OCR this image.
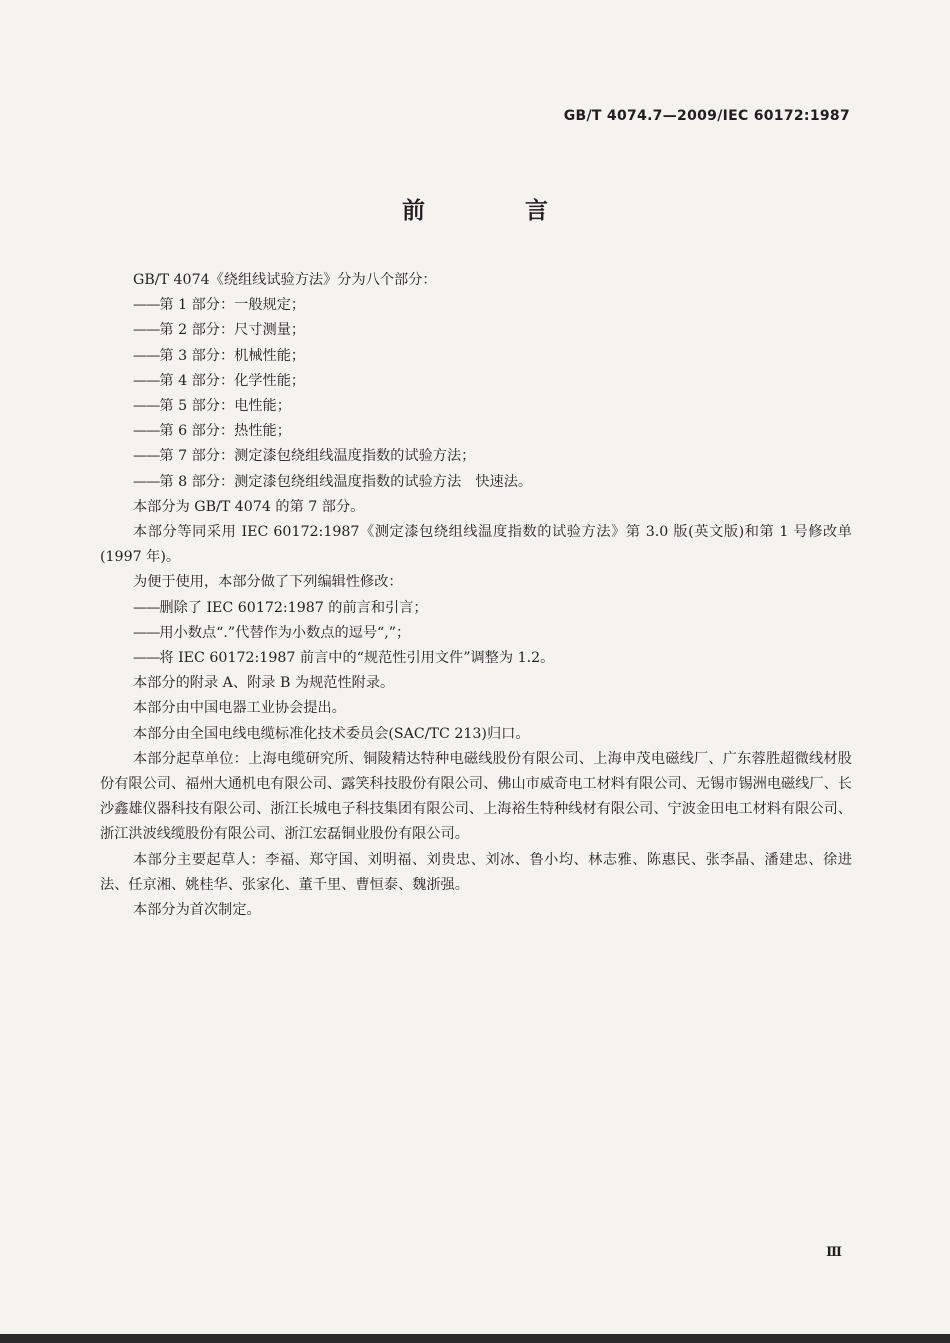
GB/T 4074.7—2009/IEC 60172:1987
前 言

GB/T 4074《绕组线试验方法》分为八个部分：

—— 第 1 部分：一般规定；

—— 第 2 部分：尺寸测量；

—— 第 3 部分：机械性能；

—— 第 4 部分：化学性能；

—— 第 5 部分：电性能；

—— 第 6 部分：热性能；

—— 第 7 部分：测定漆包绕组线温度指数的试验方法；

—— 第 8 部分：测定漆包绕组线温度指数的试验方法　快速法。

本部分为 GB/T 4074 的第 7 部分。

本部分等同采用 IEC 60172:1987《测定漆包绕组线温度指数的试验方法》第 3.0 版(英文版)和第 1 号修改单(1997 年)。

为便于使用，本部分做了下列编辑性修改：

—— 删除了 IEC 60172:1987 的前言和引言；

—— 用小数点“.”代替作为小数点的逗号“,”；

—— 将 IEC 60172:1987 前言中的“规范性引用文件”调整为 1.2。

本部分的附录 A、附录 B 为规范性附录。

本部分由中国电器工业协会提出。

本部分由全国电线电缆标准化技术委员会(SAC/TC 213)归口。

本部分起草单位：上海电缆研究所、铜陵精达特种电磁线股份有限公司、上海申茂电磁线厂、广东蓉胜超微线材股份有限公司、福州大通机电有限公司、露笑科技股份有限公司、佛山市威奇电工材料有限公司、无锡市锡洲电磁线厂、长沙鑫雄仪器科技有限公司、浙江长城电子科技集团有限公司、上海裕生特种线材有限公司、宁波金田电工材料有限公司、浙江洪波线缆股份有限公司、浙江宏磊铜业股份有限公司。

本部分主要起草人：李福、郑守国、刘明福、刘贵忠、刘冰、鲁小均、林志雅、陈惠民、张李晶、潘建忠、徐进法、任京湘、姚桂华、张家化、董千里、曹恒泰、魏浙强。

本部分为首次制定。

Ⅲ
